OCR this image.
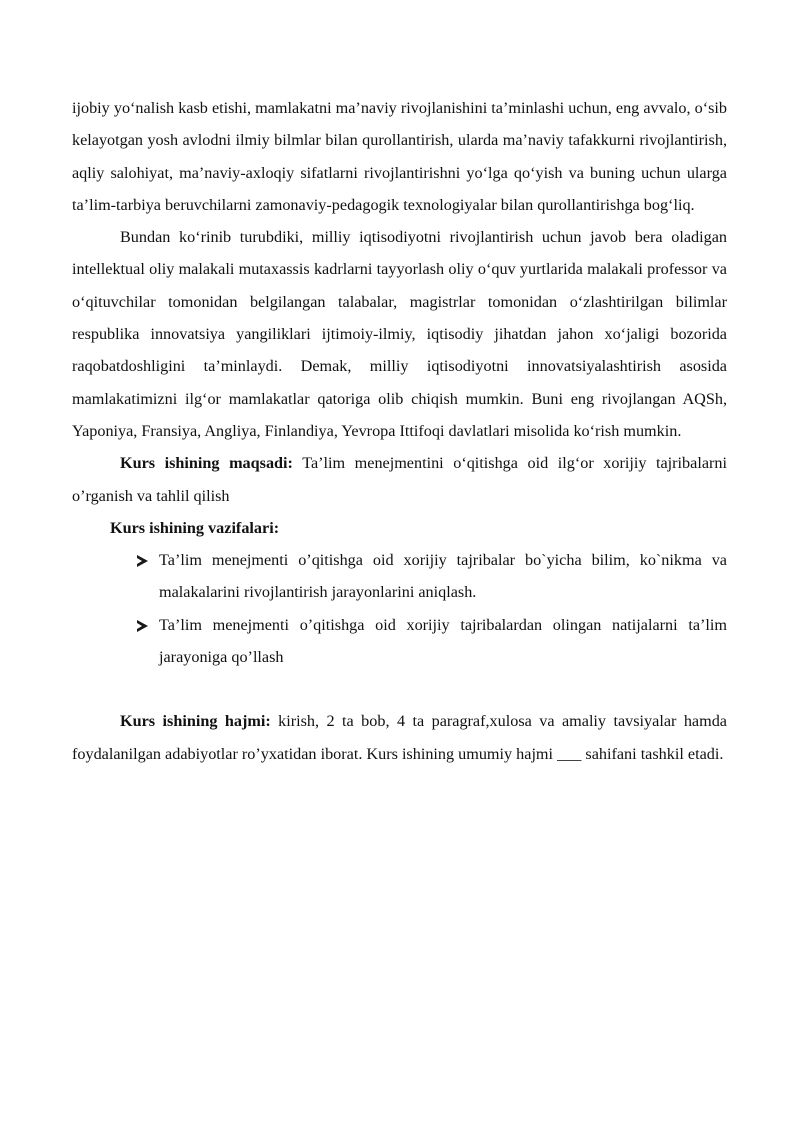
ijobiy yo‘nalish kasb etishi, mamlakatni ma’naviy rivojlanishini ta’minlashi uchun, eng avvalo, o‘sib kelayotgan yosh avlodni ilmiy bilmlar bilan qurollantirish, ularda ma’naviy tafakkurni rivojlantirish, aqliy salohiyat, ma’naviy-axloqiy sifatlarni rivojlantirishni yo‘lga qo‘yish va buning uchun ularga ta’lim-tarbiya beruvchilarni zamonaviy-pedagogik texnologiyalar bilan qurollantirishga bog‘liq.

Bundan ko‘rinib turubdiki, milliy iqtisodiyotni rivojlantirish uchun javob bera oladigan intellektual oliy malakali mutaxassis kadrlarni tayyorlash oliy o‘quv yurtlarida malakali professor va o‘qituvchilar tomonidan belgilangan talabalar, magistrlar tomonidan o‘zlashtirilgan bilimlar respublika innovatsiya yangiliklari ijtimoiy-ilmiy, iqtisodiy jihatdan jahon xo‘jaligi bozorida raqobatdoshligini ta’minlaydi. Demak, milliy iqtisodiyotni innovatsiyalashtirish asosida mamlakatimizni ilg‘or mamlakatlar qatoriga olib chiqish mumkin. Buni eng rivojlangan AQSh, Yaponiya, Fransiya, Angliya, Finlandiya, Yevropa Ittifoqi davlatlari misolida ko‘rish mumkin.

Kurs ishining maqsadi: Ta’lim menejmentini o‘qitishga oid ilg‘or xorijiy tajribalarni o’rganish va tahlil qilish

Kurs ishining vazifalari:

Ta’lim menejmenti o’qitishga oid xorijiy tajribalar bo`yicha bilim, ko`nikma va malakalarini rivojlantirish jarayonlarini aniqlash.
Ta’lim menejmenti o’qitishga oid xorijiy tajribalardan olingan natijalarni ta’lim jarayoniga qo’llash

Kurs ishining hajmi: kirish, 2 ta bob, 4 ta paragraf,xulosa va amaliy tavsiyalar hamda foydalanilgan adabiyotlar ro’yxatidan iborat. Kurs ishining umumiy hajmi ___ sahifani tashkil etadi.
